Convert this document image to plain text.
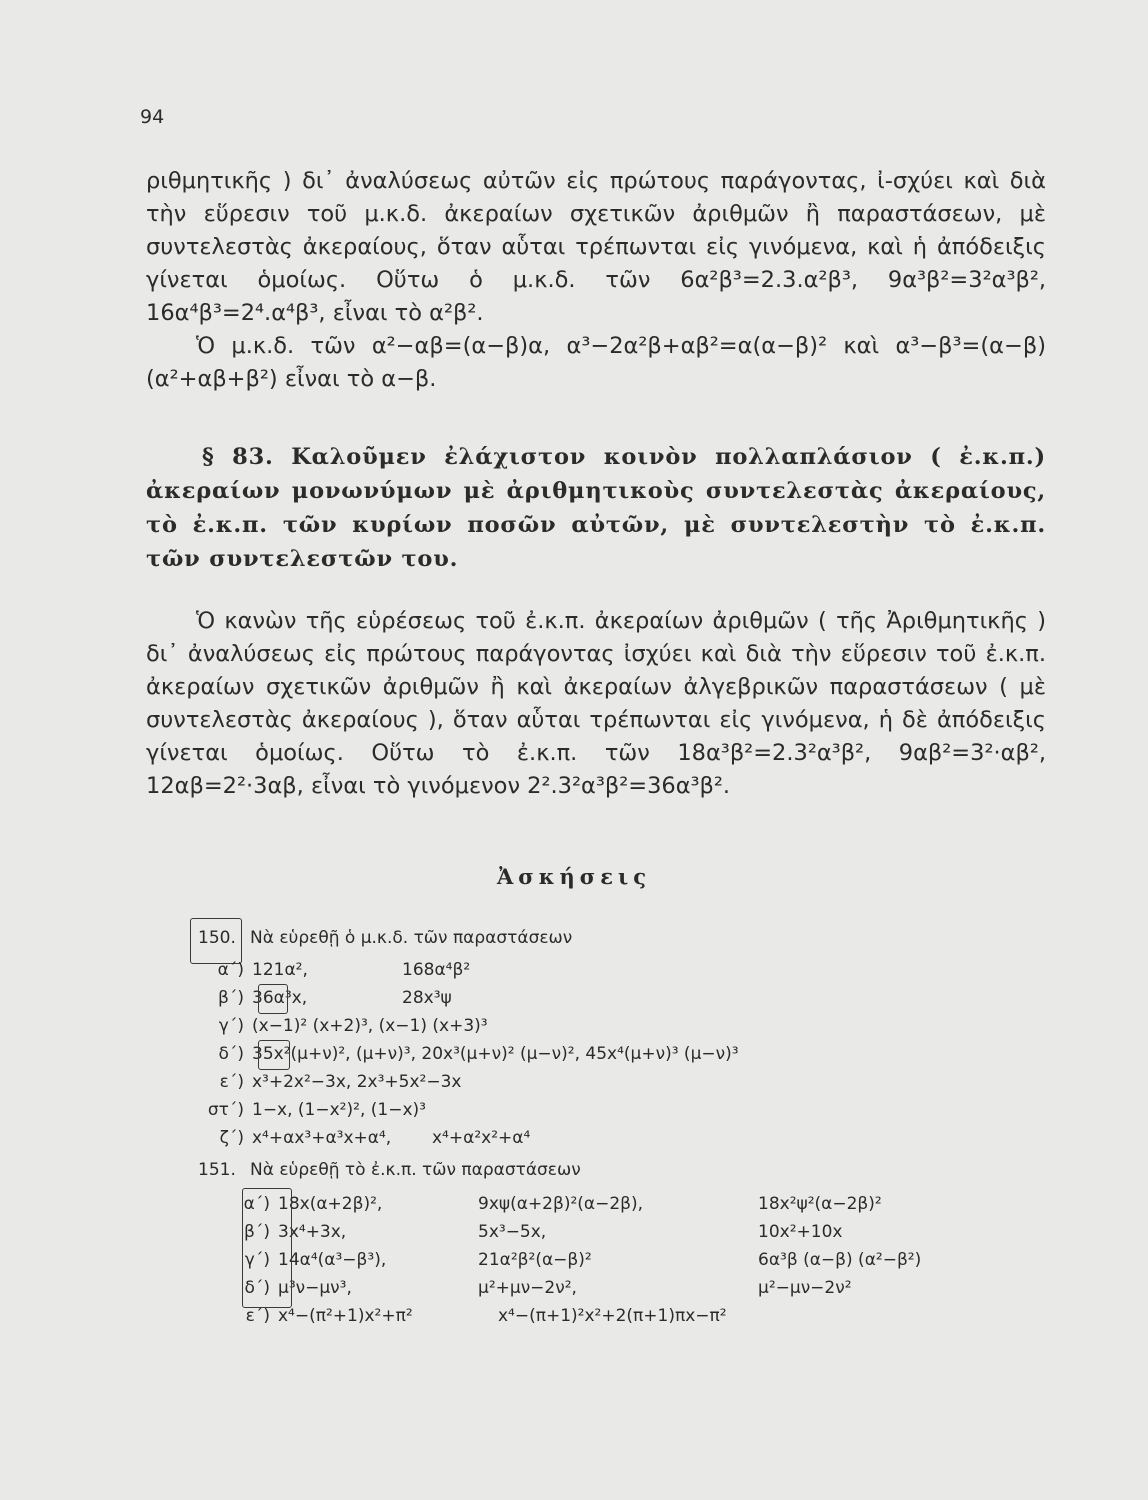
94

ριθμητικῆς ) δι᾽ ἀναλύσεως αὐτῶν εἰς πρώτους παράγοντας, ἰ-σχύει καὶ διὰ τὴν εὕρεσιν τοῦ μ.κ.δ. ἀκεραίων σχετικῶν ἀριθμῶν ἢ παραστάσεων, μὲ συντελεστὰς ἀκεραίους, ὅταν αὗται τρέπωνται εἰς γινόμενα, καὶ ἡ ἀπόδειξις γίνεται ὁμοίως. Οὕτω ὁ μ.κ.δ. τῶν 6α²β³=2.3.α²β³, 9α³β²=3²α³β², 16α⁴β³=2⁴.α⁴β³, εἶναι τὸ α²β².

Ὁ μ.κ.δ. τῶν α²−αβ=(α−β)α, α³−2α²β+αβ²=α(α−β)² καὶ α³−β³=(α−β) (α²+αβ+β²) εἶναι τὸ α−β.

§ 83. Καλοῦμεν ἐλάχιστον κοινὸν πολλαπλάσιον ( ἐ.κ.π.) ἀκεραίων μονωνύμων μὲ ἀριθμητικοὺς συντελεστὰς ἀκεραίους, τὸ ἐ.κ.π. τῶν κυρίων ποσῶν αὐτῶν, μὲ συντελεστὴν τὸ ἐ.κ.π. τῶν συντελεστῶν του.

Ὁ κανὼν τῆς εὑρέσεως τοῦ ἐ.κ.π. ἀκεραίων ἀριθμῶν ( τῆς Ἀριθμητικῆς ) δι᾽ ἀναλύσεως εἰς πρώτους παράγοντας ἰσχύει καὶ διὰ τὴν εὕρεσιν τοῦ ἐ.κ.π. ἀκεραίων σχετικῶν ἀριθμῶν ἢ καὶ ἀκεραίων ἀλγεβρικῶν παραστάσεων ( μὲ συντελεστὰς ἀκεραίους ), ὅταν αὗται τρέπωνται εἰς γινόμενα, ἡ δὲ ἀπόδειξις γίνεται ὁμοίως. Οὕτω τὸ ἐ.κ.π. τῶν 18α³β²=2.3²α³β², 9αβ²=3²·αβ², 12αβ=2²·3αβ, εἶναι τὸ γινόμενον 2².3²α³β²=36α³β².

Ἀσκήσεις
150. Νὰ εὑρεθῇ ὁ μ.κ.δ. τῶν παραστάσεων
α΄) 121α²,	168α⁴β²
β΄) 36α³x,	28x³ψ
γ΄) (x−1)² (x+2)³, (x−1) (x+3)³
δ΄) 35x²(μ+ν)², (μ+ν)³, 20x³(μ+ν)² (μ−ν)², 45x⁴(μ+ν)³ (μ−ν)³
ε΄) x³+2x²−3x, 2x³+5x²−3x
στ΄) 1−x, (1−x²)², (1−x)³
ζ΄) x⁴+αx³+α³x+α⁴, x⁴+α²x²+α⁴
151. Νὰ εὑρεθῇ τὸ ἐ.κ.π. τῶν παραστάσεων
α΄) 18x(α+2β)²,	9xψ(α+2β)²(α−2β),	18x²ψ²(α−2β)²
β΄) 3x⁴+3x,	5x³−5x,	10x²+10x
γ΄) 14α⁴(α³−β³),	21α²β²(α−β)²	6α³β (α−β) (α²−β²)
δ΄) μ³ν−μν³,	μ²+μν−2ν²,	μ²−μν−2ν²
ε΄) x⁴−(π²+1)x²+π²	x⁴−(π+1)²x²+2(π+1)πx−π²
